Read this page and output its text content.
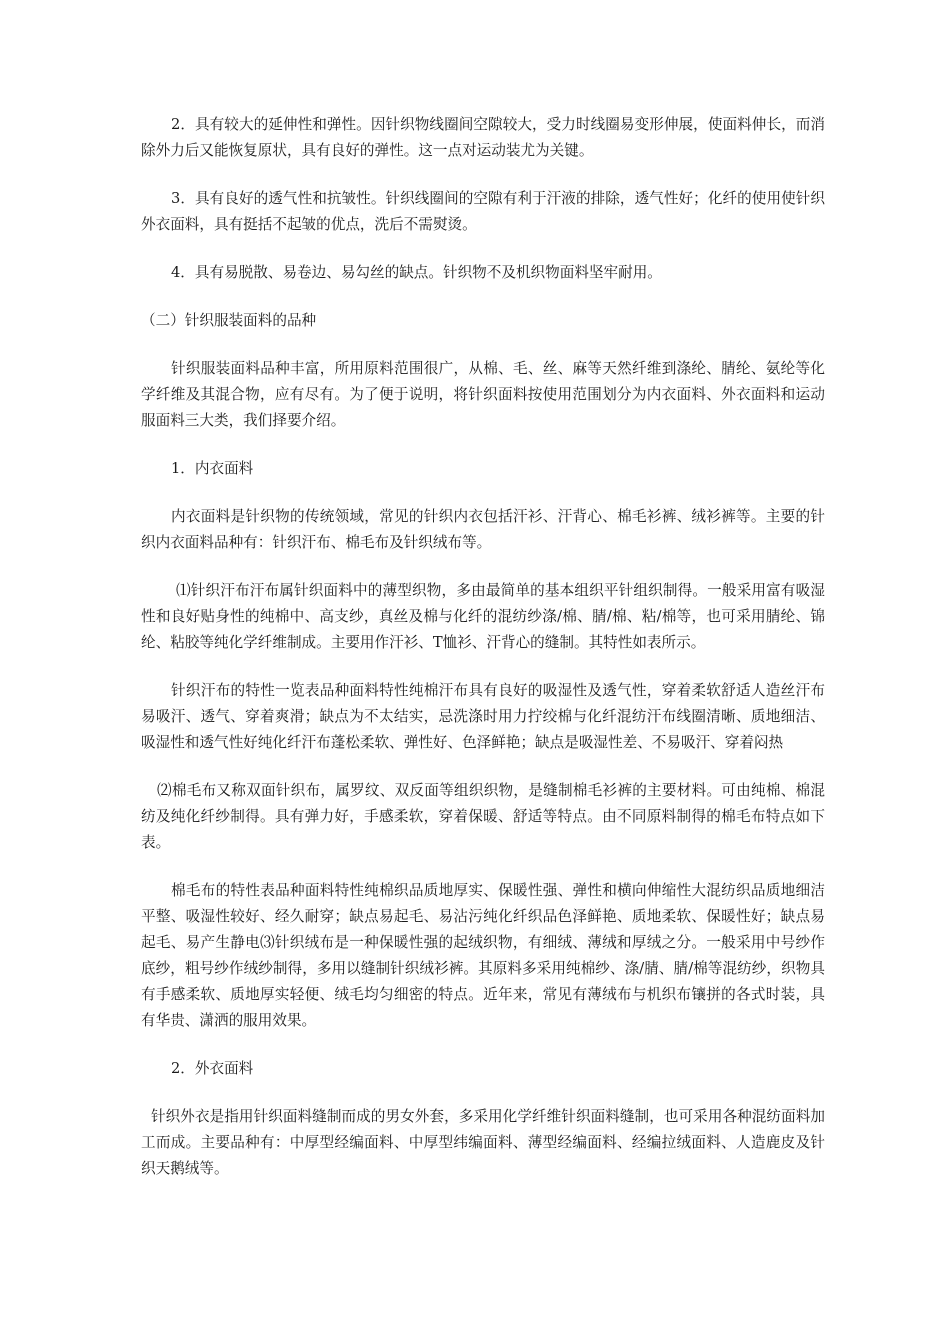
2．具有较大的延伸性和弹性。因针织物线圈间空隙较大，受力时线圈易变形伸展，使面料伸长，而消除外力后又能恢复原状，具有良好的弹性。这一点对运动装尤为关键。

3．具有良好的透气性和抗皱性。针织线圈间的空隙有利于汗液的排除，透气性好；化纤的使用使针织外衣面料，具有挺括不起皱的优点，洗后不需熨烫。

4．具有易脱散、易卷边、易勾丝的缺点。针织物不及机织物面料坚牢耐用。

（二）针织服装面料的品种

针织服装面料品种丰富，所用原料范围很广，从棉、毛、丝、麻等天然纤维到涤纶、腈纶、氨纶等化学纤维及其混合物，应有尽有。为了便于说明，将针织面料按使用范围划分为内衣面料、外衣面料和运动服面料三大类，我们择要介绍。

1．内衣面料

内衣面料是针织物的传统领域，常见的针织内衣包括汗衫、汗背心、棉毛衫裤、绒衫裤等。主要的针织内衣面料品种有：针织汗布、棉毛布及针织绒布等。

⑴针织汗布汗布属针织面料中的薄型织物，多由最简单的基本组织平针组织制得。一般采用富有吸湿性和良好贴身性的纯棉中、高支纱，真丝及棉与化纤的混纺纱涤/棉、腈/棉、粘/棉等，也可采用腈纶、锦纶、粘胶等纯化学纤维制成。主要用作汗衫、T恤衫、汗背心的缝制。其特性如表所示。

针织汗布的特性一览表品种面料特性纯棉汗布具有良好的吸湿性及透气性，穿着柔软舒适人造丝汗布易吸汗、透气、穿着爽滑；缺点为不太结实，忌洗涤时用力拧绞棉与化纤混纺汗布线圈清晰、质地细洁、吸湿性和透气性好纯化纤汗布蓬松柔软、弹性好、色泽鲜艳；缺点是吸湿性差、不易吸汗、穿着闷热

⑵棉毛布又称双面针织布，属罗纹、双反面等组织织物，是缝制棉毛衫裤的主要材料。可由纯棉、棉混纺及纯化纤纱制得。具有弹力好，手感柔软，穿着保暖、舒适等特点。由不同原料制得的棉毛布特点如下表。

棉毛布的特性表品种面料特性纯棉织品质地厚实、保暖性强、弹性和横向伸缩性大混纺织品质地细洁平整、吸湿性较好、经久耐穿；缺点易起毛、易沾污纯化纤织品色泽鲜艳、质地柔软、保暖性好；缺点易起毛、易产生静电⑶针织绒布是一种保暖性强的起绒织物，有细绒、薄绒和厚绒之分。一般采用中号纱作底纱，粗号纱作绒纱制得，多用以缝制针织绒衫裤。其原料多采用纯棉纱、涤/腈、腈/棉等混纺纱，织物具有手感柔软、质地厚实轻便、绒毛均匀细密的特点。近年来，常见有薄绒布与机织布镶拼的各式时装，具有华贵、潇洒的服用效果。

2．外衣面料

针织外衣是指用针织面料缝制而成的男女外套，多采用化学纤维针织面料缝制，也可采用各种混纺面料加工而成。主要品种有：中厚型经编面料、中厚型纬编面料、薄型经编面料、经编拉绒面料、人造鹿皮及针织天鹅绒等。
